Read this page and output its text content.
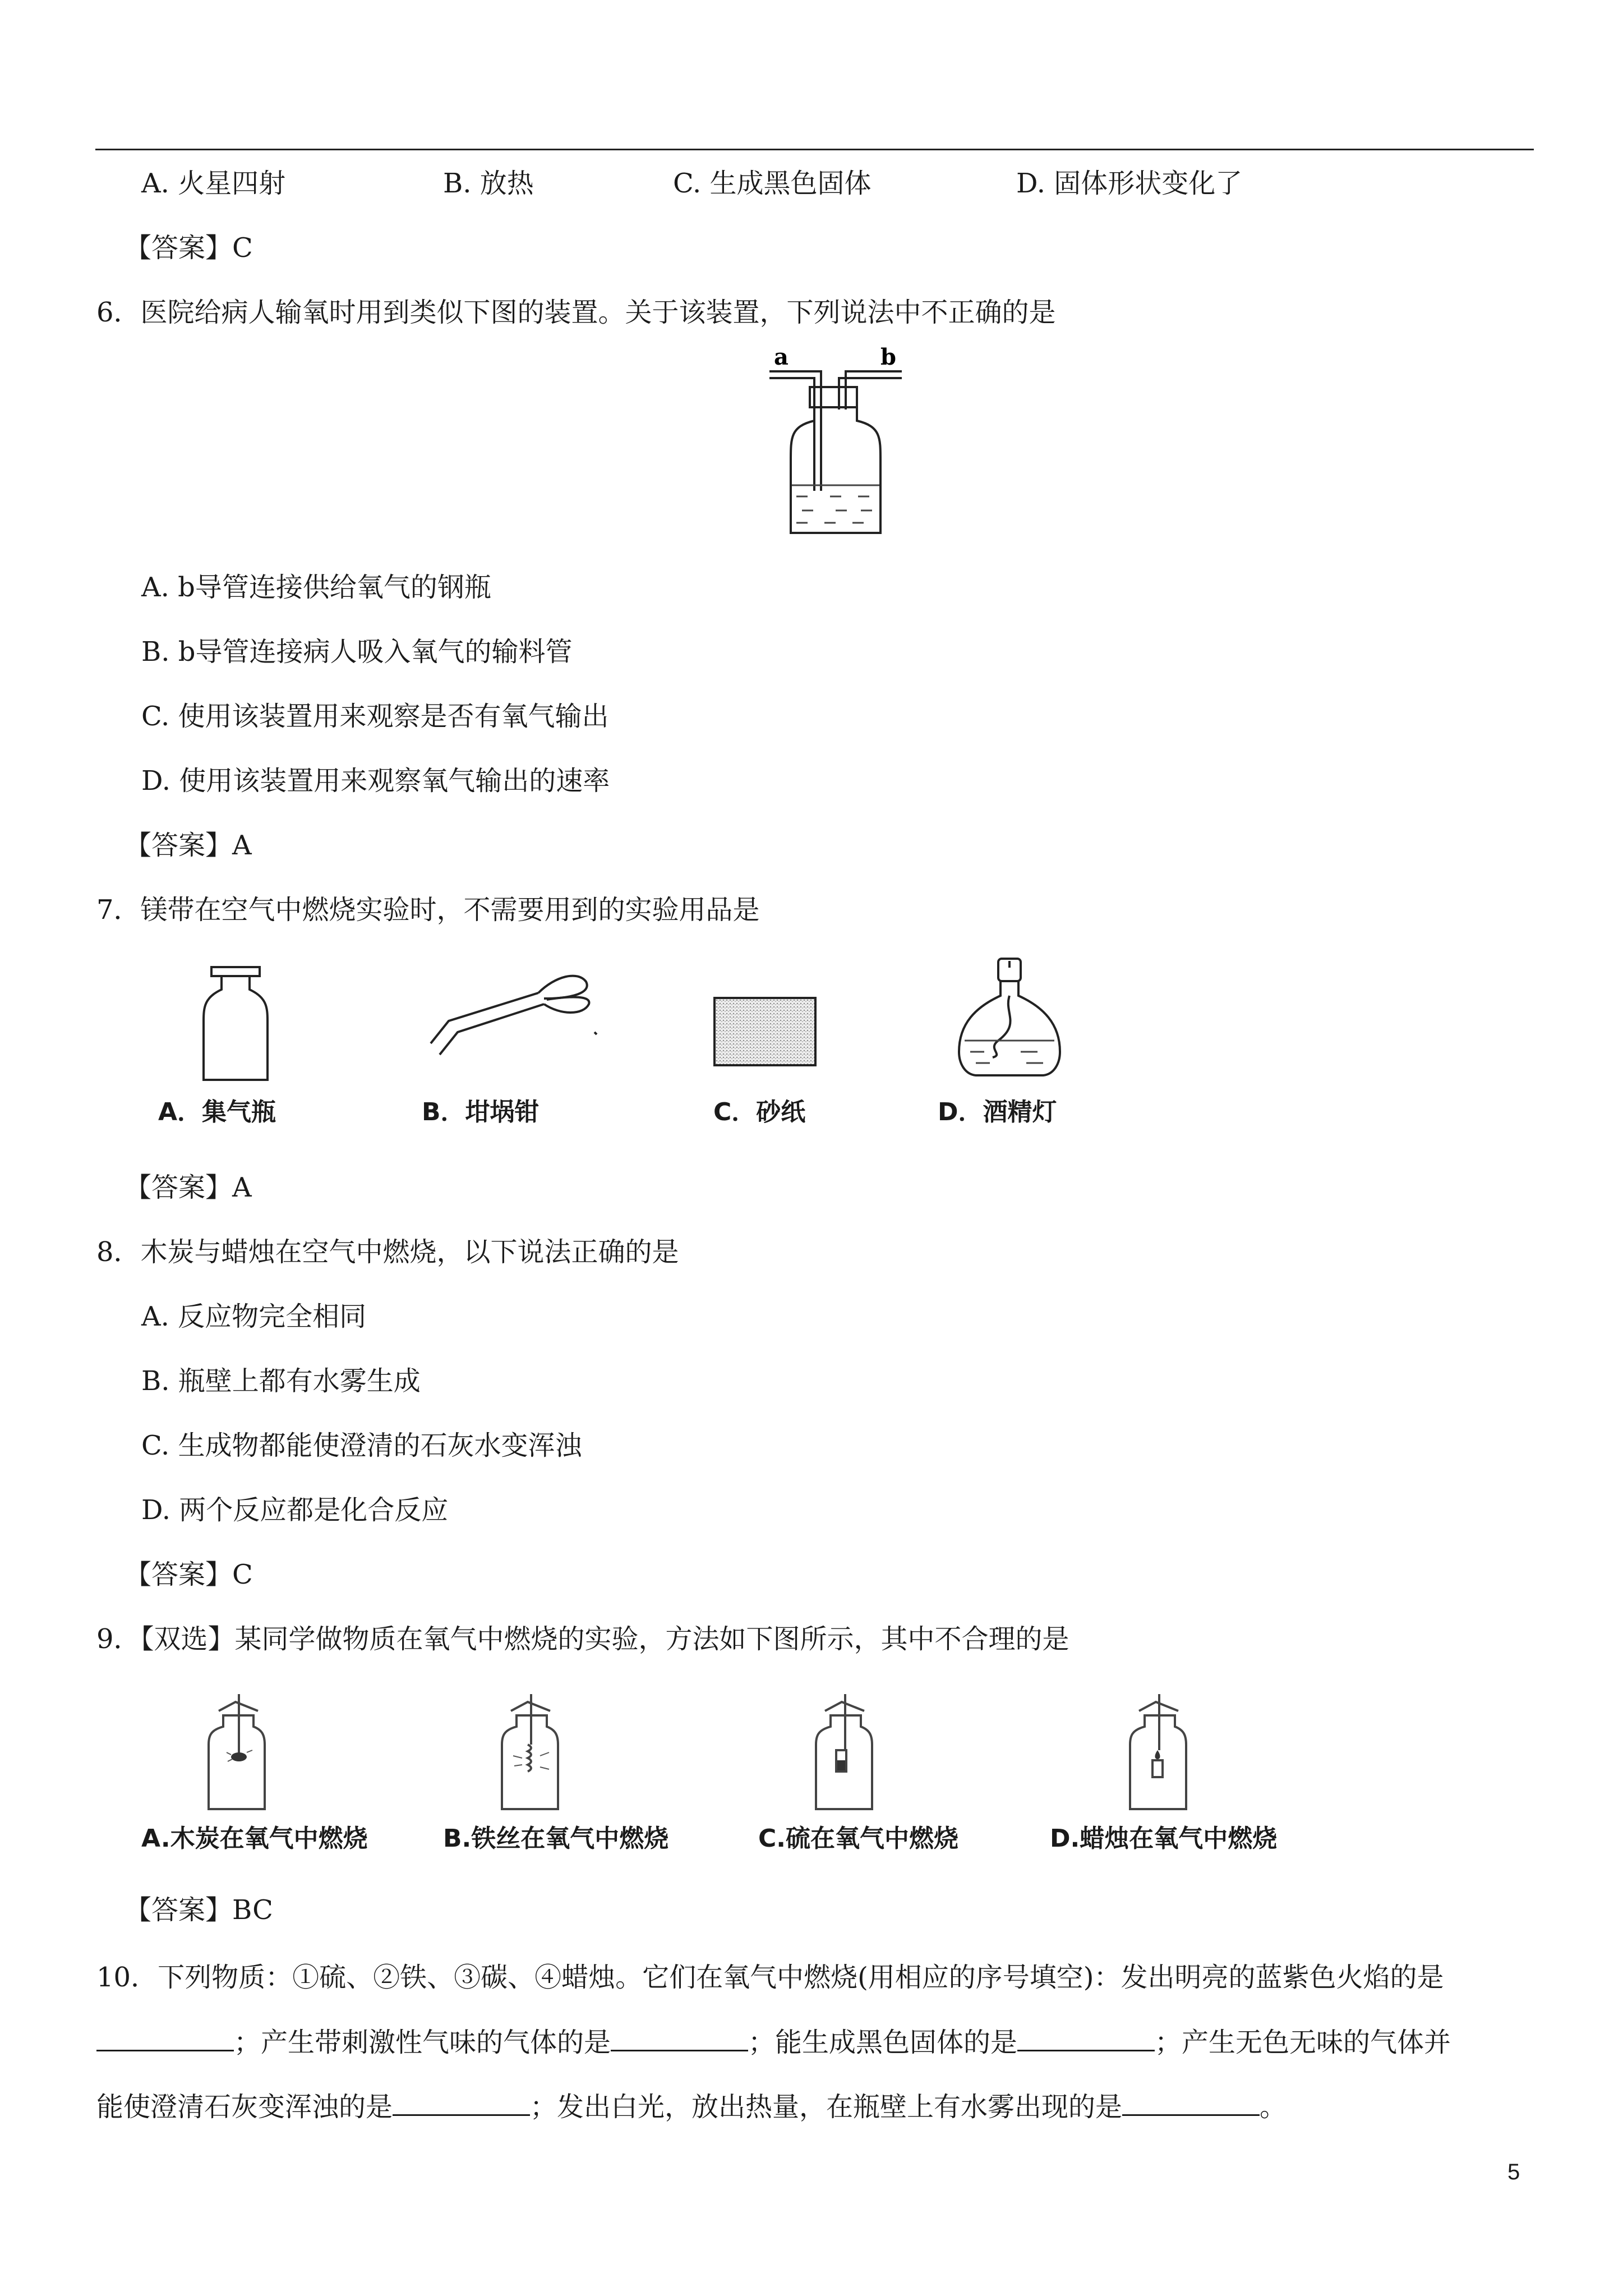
A. 火星四射	B. 放热	C. 生成黑色固体	D. 固体形状变化了
【答案】C
6．医院给病人输氧时用到类似下图的装置。关于该装置，下列说法中不正确的是
a	b
A. b导管连接供给氧气的钢瓶
B. b导管连接病人吸入氧气的输料管
C. 使用该装置用来观察是否有氧气输出
D. 使用该装置用来观察氧气输出的速率
【答案】A
7．镁带在空气中燃烧实验时，不需要用到的实验用品是
A．集气瓶	B．坩埚钳	C．砂纸	D．酒精灯
【答案】A
8．木炭与蜡烛在空气中燃烧，以下说法正确的是
A. 反应物完全相同
B. 瓶壁上都有水雾生成
C. 生成物都能使澄清的石灰水变浑浊
D. 两个反应都是化合反应
【答案】C
9．【双选】某同学做物质在氧气中燃烧的实验，方法如下图所示，其中不合理的是
A.木炭在氧气中燃烧	B.铁丝在氧气中燃烧	C.硫在氧气中燃烧	D.蜡烛在氧气中燃烧
【答案】BC
10．下列物质：①硫、②铁、③碳、④蜡烛。它们在氧气中燃烧(用相应的序号填空)：发出明亮的蓝紫色火焰的是
；产生带刺激性气味的气体的是	；能生成黑色固体的是	；产生无色无味的气体并
能使澄清石灰变浑浊的是	；发出白光，放出热量，在瓶壁上有水雾出现的是	。
5
